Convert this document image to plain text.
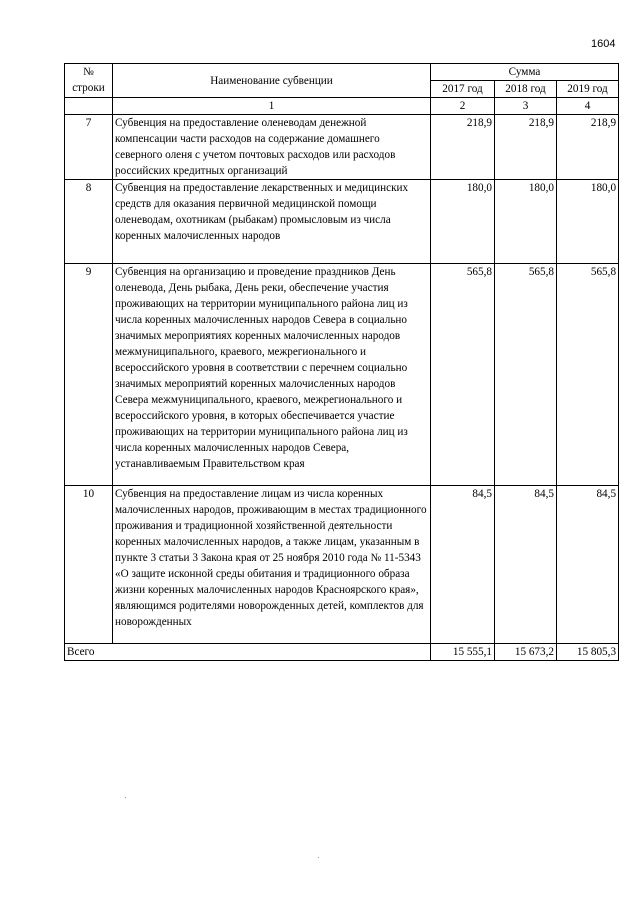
1604
№
строки	Наименование субвенции	Сумма		
		2017 год	2018 год	2019 год
	1	2	3	4
7	Субвенция на предоставление оленеводам денежной компенсации части расходов на содержание домашнего северного оленя с учетом почтовых расходов или расходов российских кредитных организаций	218,9	218,9	218,9
8	Субвенция на предоставление лекарственных и медицинских средств для оказания первичной медицинской помощи оленеводам, охотникам (рыбакам) промысловым из числа коренных малочисленных народов	180,0	180,0	180,0
9	Субвенция на организацию и проведение праздников День оленевода, День рыбака, День реки, обеспечение участия проживающих на территории муниципального района лиц из числа коренных малочисленных народов Севера в социально значимых мероприятиях коренных малочисленных народов межмуниципального, краевого, межрегионального и всероссийского уровня в соответствии с перечнем социально значимых мероприятий коренных малочисленных народов Севера межмуниципального, краевого, межрегионального и всероссийского уровня, в которых обеспечивается участие проживающих на территории муниципального района лиц из числа коренных малочисленных народов Севера, устанавливаемым Правительством края	565,8	565,8	565,8
10	Субвенция на предоставление лицам из числа коренных малочисленных народов, проживающим в местах традиционного проживания и традиционной хозяйственной деятельности коренных малочисленных народов, а также лицам, указанным в пункте 3 статьи 3 Закона края от 25 ноября 2010 года № 11-5343 «О защите исконной среды обитания и традиционного образа жизни коренных малочисленных народов Красноярского края», являющимся родителями новорожденных детей, комплектов для новорожденных	84,5	84,5	84,5
Всего		15 555,1	15 673,2	15 805,3
